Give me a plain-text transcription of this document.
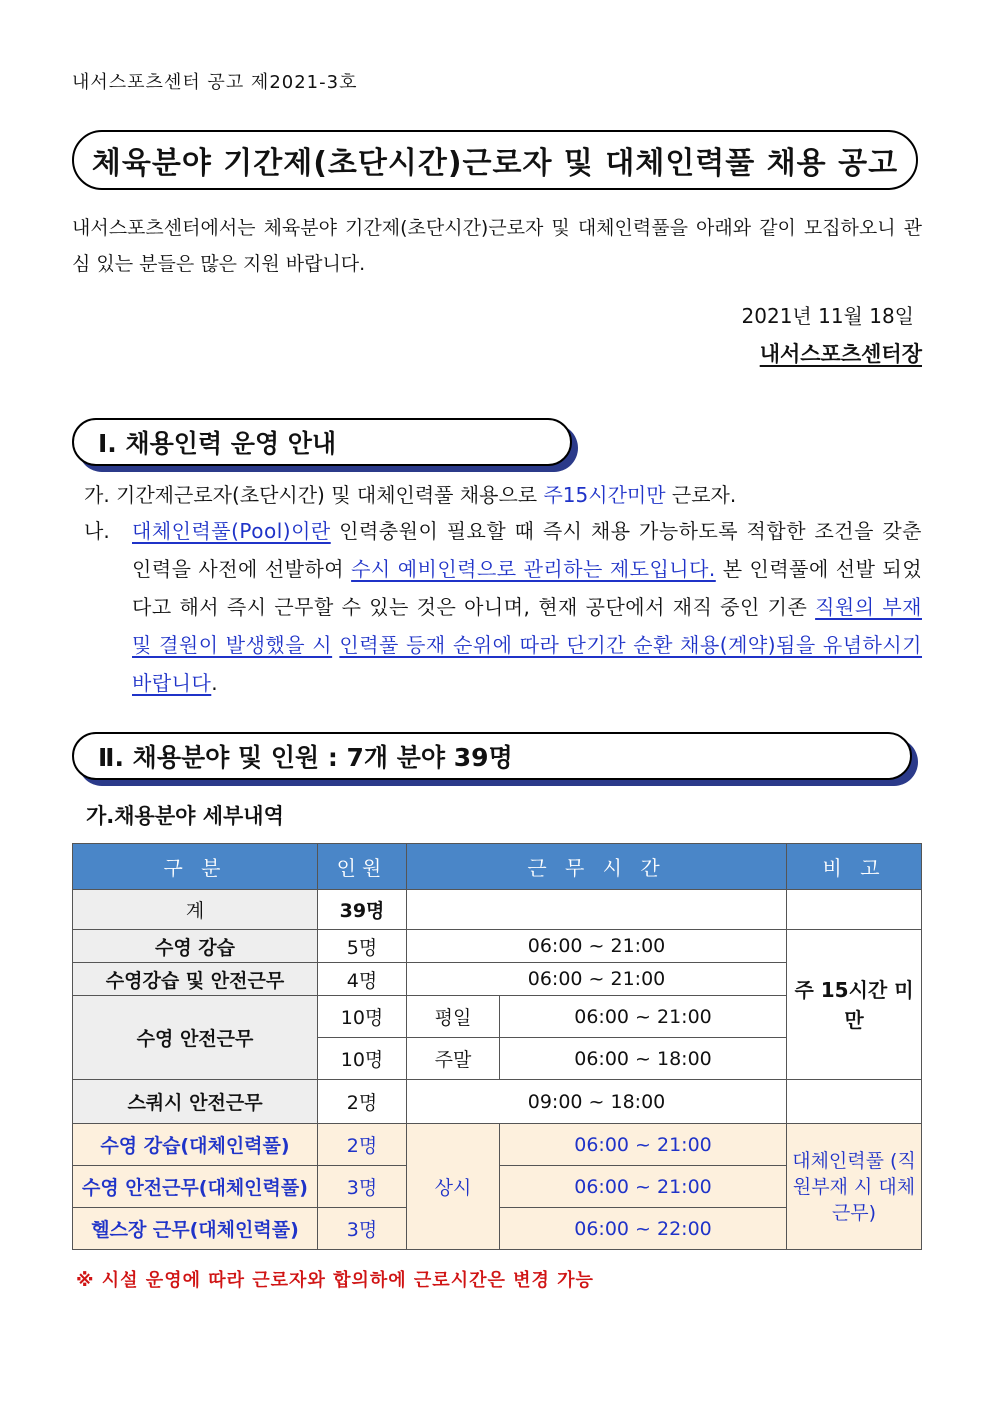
내서스포츠센터 공고 제2021-3호
체육분야 기간제(초단시간)근로자 및 대체인력풀 채용 공고
내서스포츠센터에서는 체육분야 기간제(초단시간)근로자 및 대체인력풀을 아래와 같이 모집하오니 관심 있는 분들은 많은 지원 바랍니다.
2021년 11월 18일
내서스포츠센터장
Ⅰ. 채용인력 운영 안내
가. 기간제근로자(초단시간) 및 대체인력풀 채용으로 주15시간미만 근로자.
나. 대체인력풀(Pool)이란 인력충원이 필요할 때 즉시 채용 가능하도록 적합한 조건을 갖춘 인력을 사전에 선발하여 수시 예비인력으로 관리하는 제도입니다. 본 인력풀에 선발 되었다고 해서 즉시 근무할 수 있는 것은 아니며, 현재 공단에서 재직 중인 기존 직원의 부재 및 결원이 발생했을 시 인력풀 등재 순위에 따라 단기간 순환 채용(계약)됨을 유념하시기 바랍니다.
Ⅱ. 채용분야 및 인원 : 7개 분야 39명
가.채용분야 세부내역
구 분	인원	근 무 시 간		비 고
계	39명			
수영 강습	5명	06:00 ~ 21:00		주 15시간 미만
수영강습 및 안전근무	4명	06:00 ~ 21:00		
수영 안전근무	10명	평일	06:00 ~ 21:00	
	10명	주말	06:00 ~ 18:00	
스쿼시 안전근무	2명	09:00 ~ 18:00		
수영 강습(대체인력풀)	2명	상시	06:00 ~ 21:00	대체인력풀 (직원부재 시 대체 근무)
수영 안전근무(대체인력풀)	3명		06:00 ~ 21:00	
헬스장 근무(대체인력풀)	3명		06:00 ~ 22:00	
※ 시설 운영에 따라 근로자와 합의하에 근로시간은 변경 가능
